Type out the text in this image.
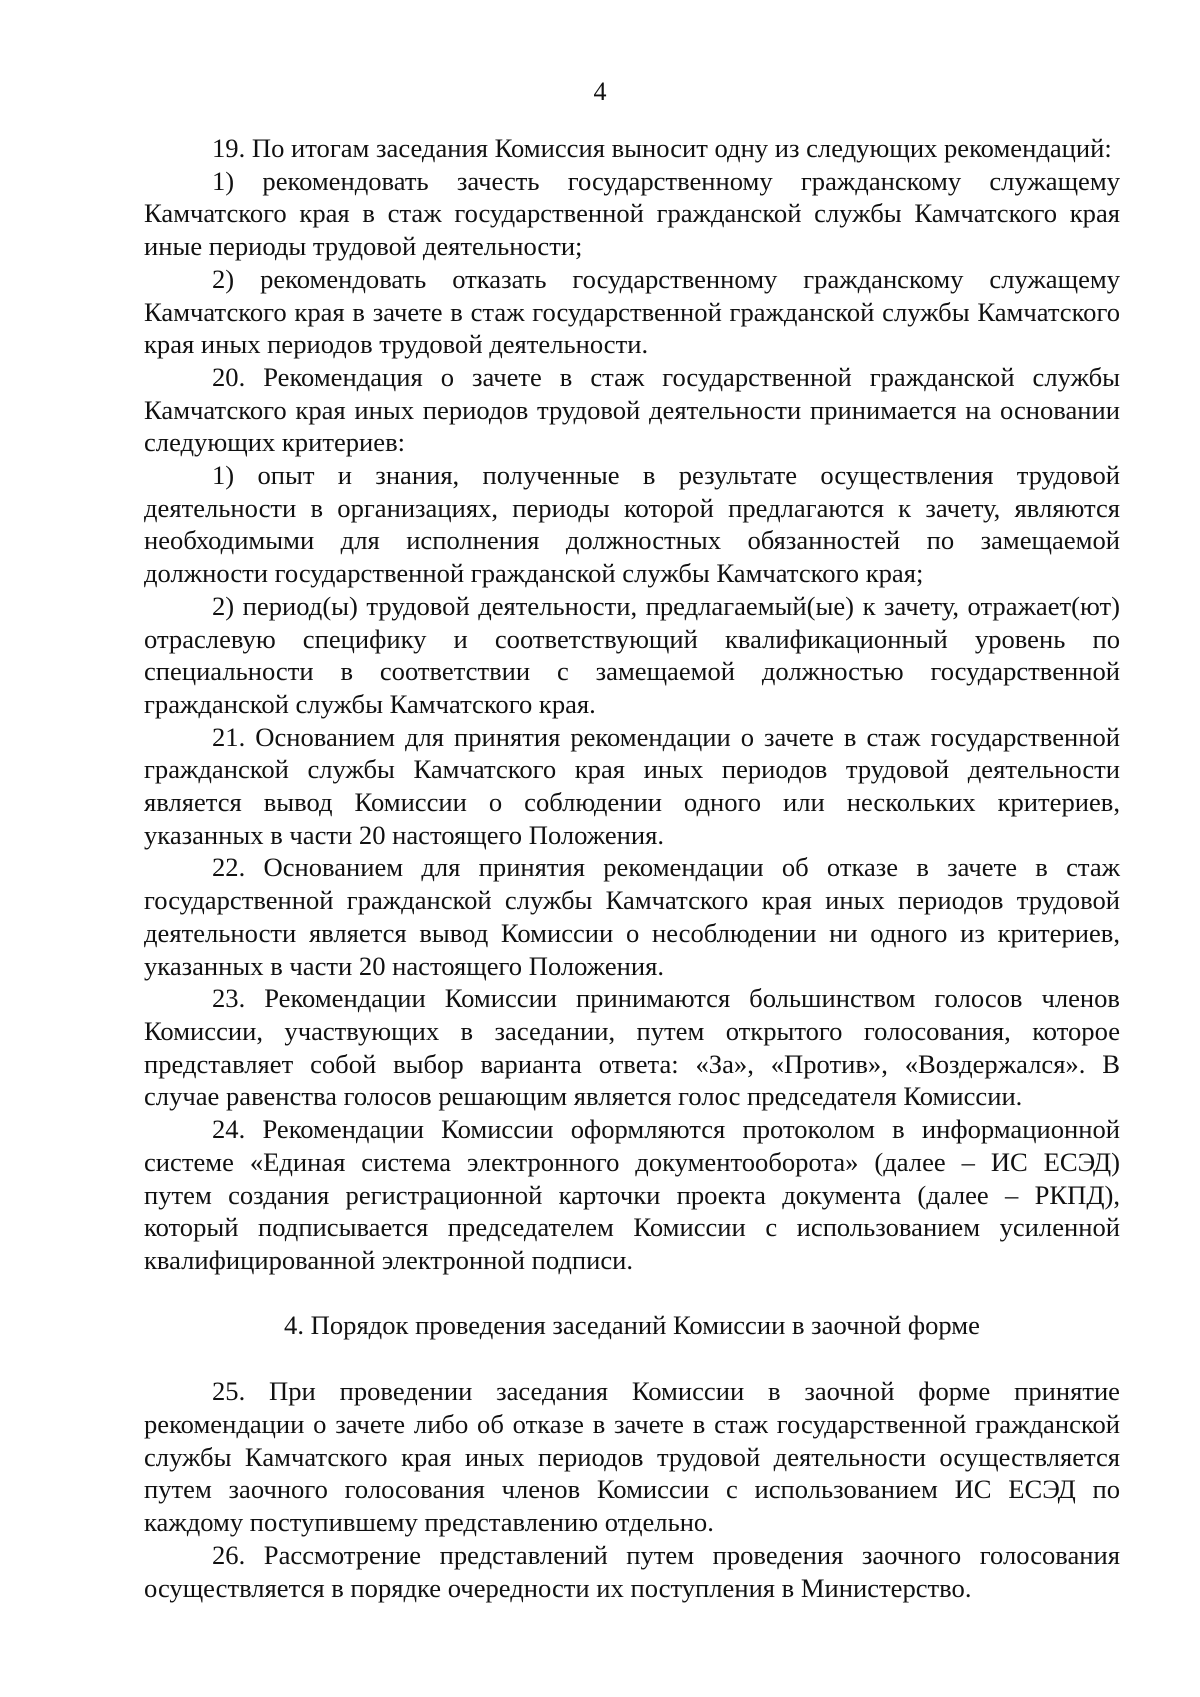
4

19. По итогам заседания Комиссия выносит одну из следующих рекомендаций:

1) рекомендовать зачесть государственному гражданскому служащему Камчатского края в стаж государственной гражданской службы Камчатского края иные периоды трудовой деятельности;

2) рекомендовать отказать государственному гражданскому служащему Камчатского края в зачете в стаж государственной гражданской службы Камчатского края иных периодов трудовой деятельности.

20. Рекомендация о зачете в стаж государственной гражданской службы Камчатского края иных периодов трудовой деятельности принимается на основании следующих критериев:

1) опыт и знания, полученные в результате осуществления трудовой деятельности в организациях, периоды которой предлагаются к зачету, являются необходимыми для исполнения должностных обязанностей по замещаемой должности государственной гражданской службы Камчатского края;

2) период(ы) трудовой деятельности, предлагаемый(ые) к зачету, отражает(ют) отраслевую специфику и соответствующий квалификационный уровень по специальности в соответствии с замещаемой должностью государственной гражданской службы Камчатского края.

21. Основанием для принятия рекомендации о зачете в стаж государственной гражданской службы Камчатского края иных периодов трудовой деятельности является вывод Комиссии о соблюдении одного или нескольких критериев, указанных в части 20 настоящего Положения.

22. Основанием для принятия рекомендации об отказе в зачете в стаж государственной гражданской службы Камчатского края иных периодов трудовой деятельности является вывод Комиссии о несоблюдении ни одного из критериев, указанных в части 20 настоящего Положения.

23. Рекомендации Комиссии принимаются большинством голосов членов Комиссии, участвующих в заседании, путем открытого голосования, которое представляет собой выбор варианта ответа: «За», «Против», «Воздержался». В случае равенства голосов решающим является голос председателя Комиссии.

24. Рекомендации Комиссии оформляются протоколом в информационной системе «Единая система электронного документооборота» (далее – ИС ЕСЭД) путем создания регистрационной карточки проекта документа (далее – РКПД), который подписывается председателем Комиссии с использованием усиленной квалифицированной электронной подписи.

4. Порядок проведения заседаний Комиссии в заочной форме

25. При проведении заседания Комиссии в заочной форме принятие рекомендации о зачете либо об отказе в зачете в стаж государственной гражданской службы Камчатского края иных периодов трудовой деятельности осуществляется путем заочного голосования членов Комиссии с использованием ИС ЕСЭД по каждому поступившему представлению отдельно.

26. Рассмотрение представлений путем проведения заочного голосования осуществляется в порядке очередности их поступления в Министерство.
